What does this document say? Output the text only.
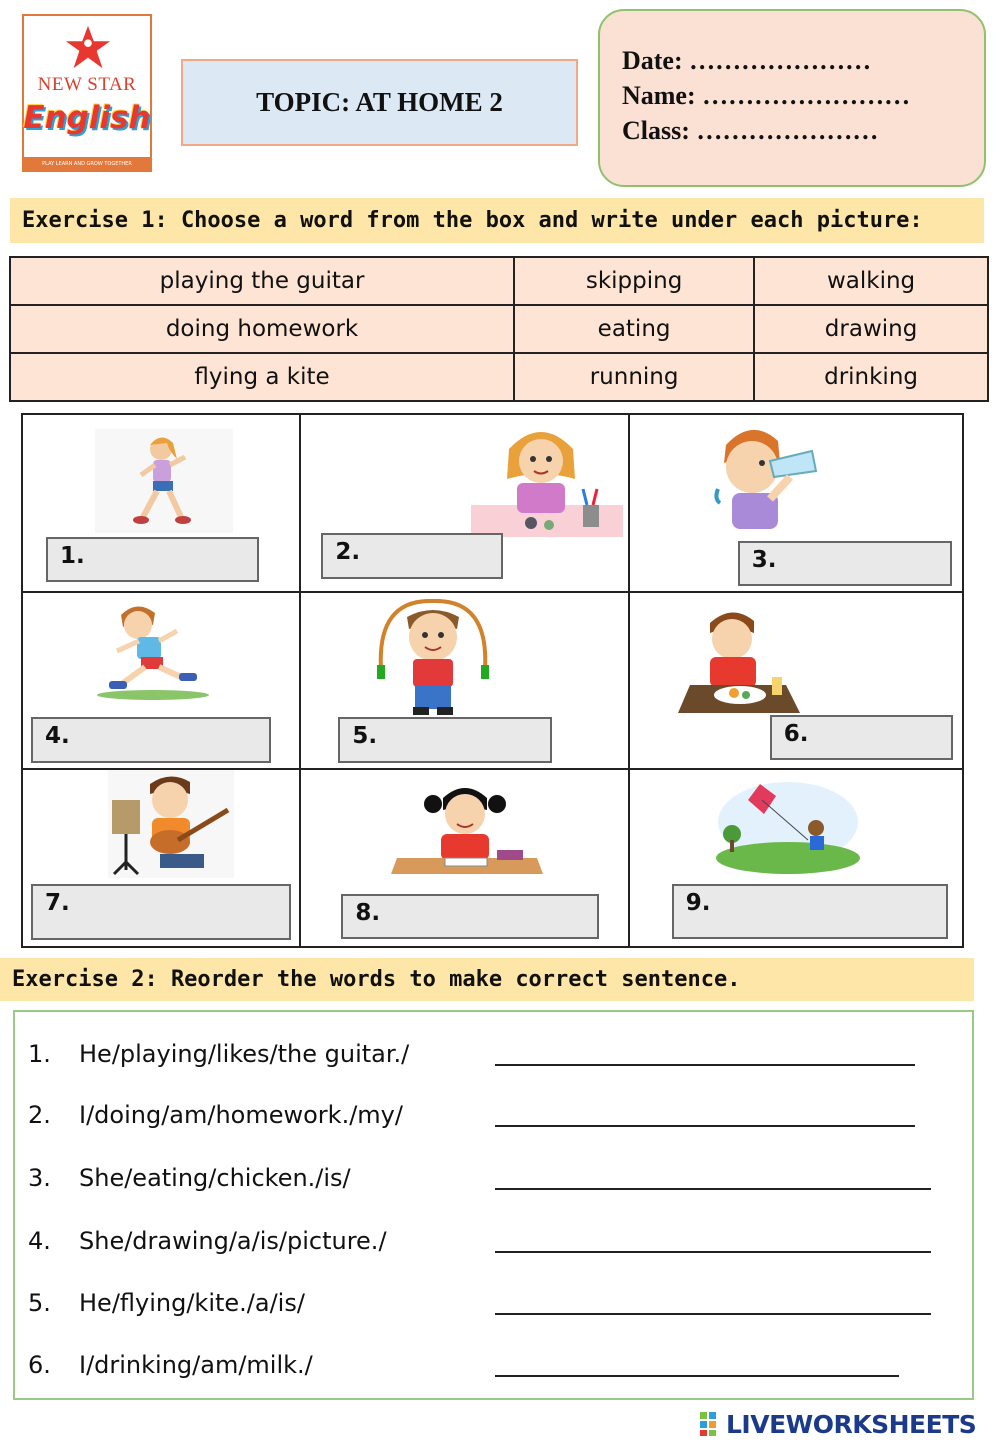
NEW STAR
English
PLAY LEARN AND GROW TOGETHER
TOPIC: AT HOME 2
Date: …………………
Name: ……………………
Class: …………………
Exercise 1: Choose a word from the box and write under each picture:
playing the guitar	skipping	walking
doing homework	eating	drawing
flying a kite	running	drinking
1.	2.	3.

4.	5.	6.

7.	8.	9.
Exercise 2: Reorder the words to make correct sentence.
1. He/playing/likes/the guitar./
2. I/doing/am/homework./my/
3. She/eating/chicken./is/
4. She/drawing/a/is/picture./
5. He/flying/kite./a/is/
6. I/drinking/am/milk./
LIVEWORKSHEETS
